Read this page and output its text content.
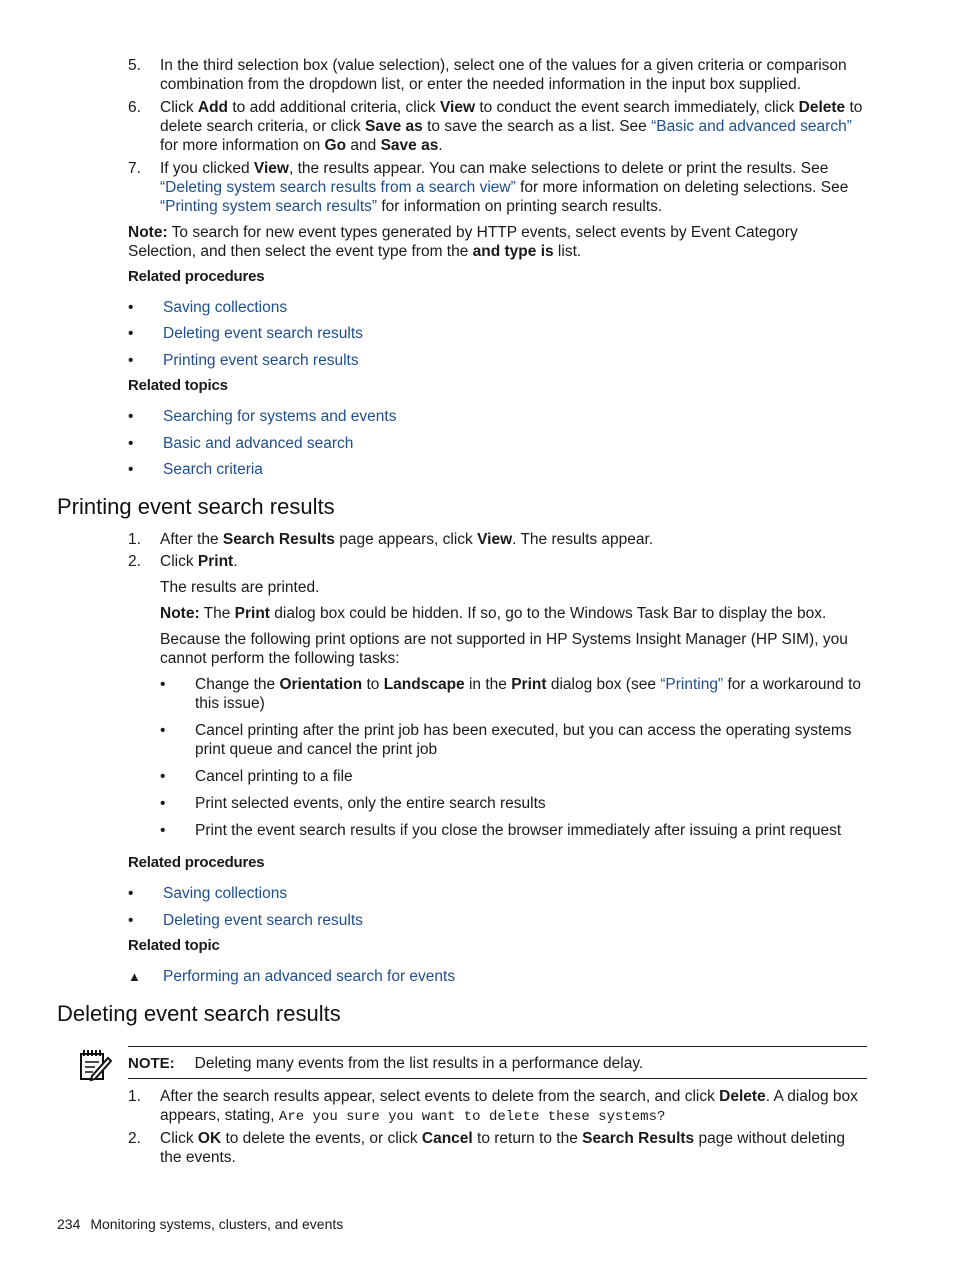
5. In the third selection box (value selection), select one of the values for a given criteria or comparison combination from the dropdown list, or enter the needed information in the input box supplied.
6. Click Add to add additional criteria, click View to conduct the event search immediately, click Delete to delete search criteria, or click Save as to save the search as a list. See “Basic and advanced search” for more information on Go and Save as.
7. If you clicked View, the results appear. You can make selections to delete or print the results. See “Deleting system search results from a search view” for more information on deleting selections. See “Printing system search results” for information on printing search results.
Note: To search for new event types generated by HTTP events, select events by Event Category Selection, and then select the event type from the and type is list.
Related procedures
• Saving collections
• Deleting event search results
• Printing event search results
Related topics
• Searching for systems and events
• Basic and advanced search
• Search criteria
Printing event search results
1. After the Search Results page appears, click View. The results appear.
2. Click Print.
The results are printed.
Note: The Print dialog box could be hidden. If so, go to the Windows Task Bar to display the box.
Because the following print options are not supported in HP Systems Insight Manager (HP SIM), you cannot perform the following tasks:
• Change the Orientation to Landscape in the Print dialog box (see “Printing” for a workaround to this issue)
• Cancel printing after the print job has been executed, but you can access the operating systems print queue and cancel the print job
• Cancel printing to a file
• Print selected events, only the entire search results
• Print the event search results if you close the browser immediately after issuing a print request
Related procedures
• Saving collections
• Deleting event search results
Related topic
▲ Performing an advanced search for events
Deleting event search results
NOTE: Deleting many events from the list results in a performance delay.
1. After the search results appear, select events to delete from the search, and click Delete. A dialog box appears, stating, Are you sure you want to delete these systems?
2. Click OK to delete the events, or click Cancel to return to the Search Results page without deleting the events.
234 Monitoring systems, clusters, and events
